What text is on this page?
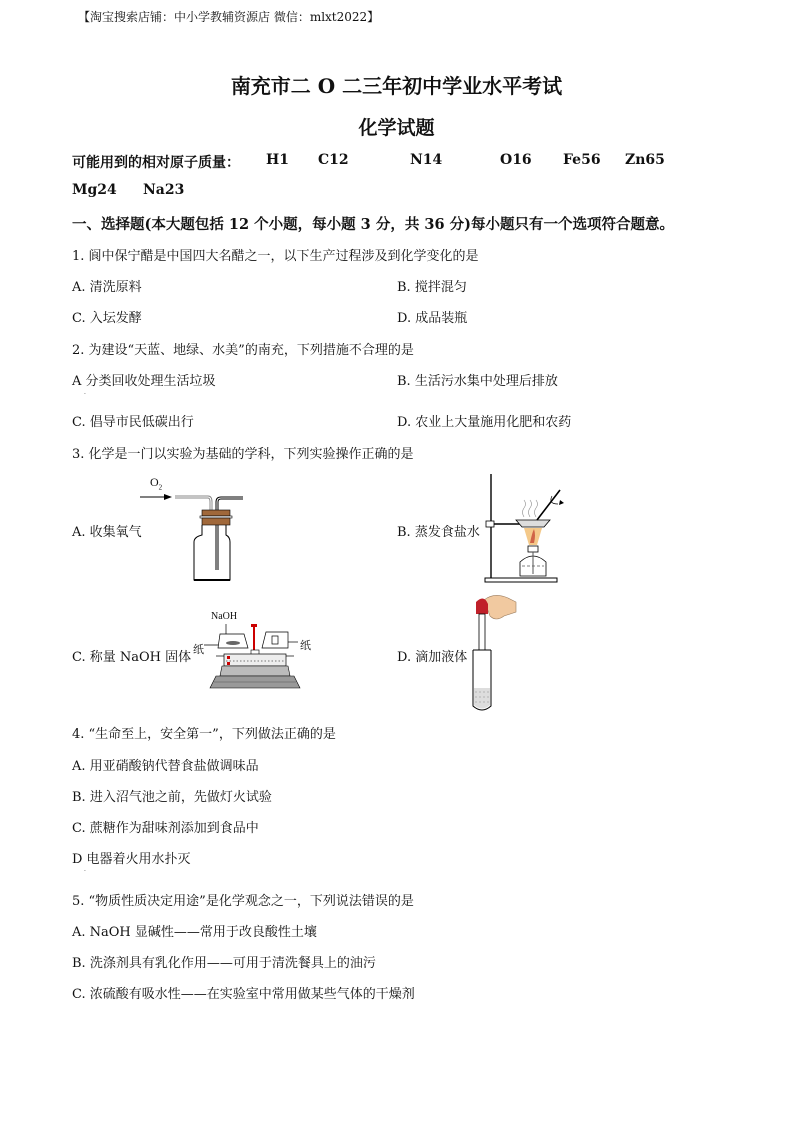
【淘宝搜索店铺：中小学教辅资源店 微信：mlxt2022】
南充市二 O 二三年初中学业水平考试
化学试题
可能用到的相对原子质量： H1 C12	N14	O16 Fe56 Zn65
Mg24 Na23
一、选择题(本大题包括 12 个小题，每小题 3 分，共 36 分)每小题只有一个选项符合题意。
1. 阆中保宁醋是中国四大名醋之一，以下生产过程涉及到化学变化的是
A. 清洗原料	B. 搅拌混匀
C. 入坛发酵	D. 成品装瓶
2. 为建设“天蓝、地绿、水美”的南充，下列措施不合理的是
A 分类回收处理生活垃圾
·
B. 生活污水集中处理后排放
C. 倡导市民低碳出行	D. 农业上大量施用化肥和农药
3. 化学是一门以实验为基础的学科，下列实验操作正确的是
A. 收集氧气
$O_2$
B. 蒸发食盐水
C. 称量 NaOH 固体
NaOH
纸	纸
D. 滴加液体
4. “生命至上，安全第一”，下列做法正确的是
A. 用亚硝酸钠代替食盐做调味品
B. 进入沼气池之前，先做灯火试验
C. 蔗糖作为甜味剂添加到食品中
D 电器着火用水扑灭
·
5. “物质性质决定用途”是化学观念之一，下列说法错误的是
A. NaOH 显碱性——常用于改良酸性土壤
B. 洗涤剂具有乳化作用——可用于清洗餐具上的油污
C. 浓硫酸有吸水性——在实验室中常用做某些气体的干燥剂
